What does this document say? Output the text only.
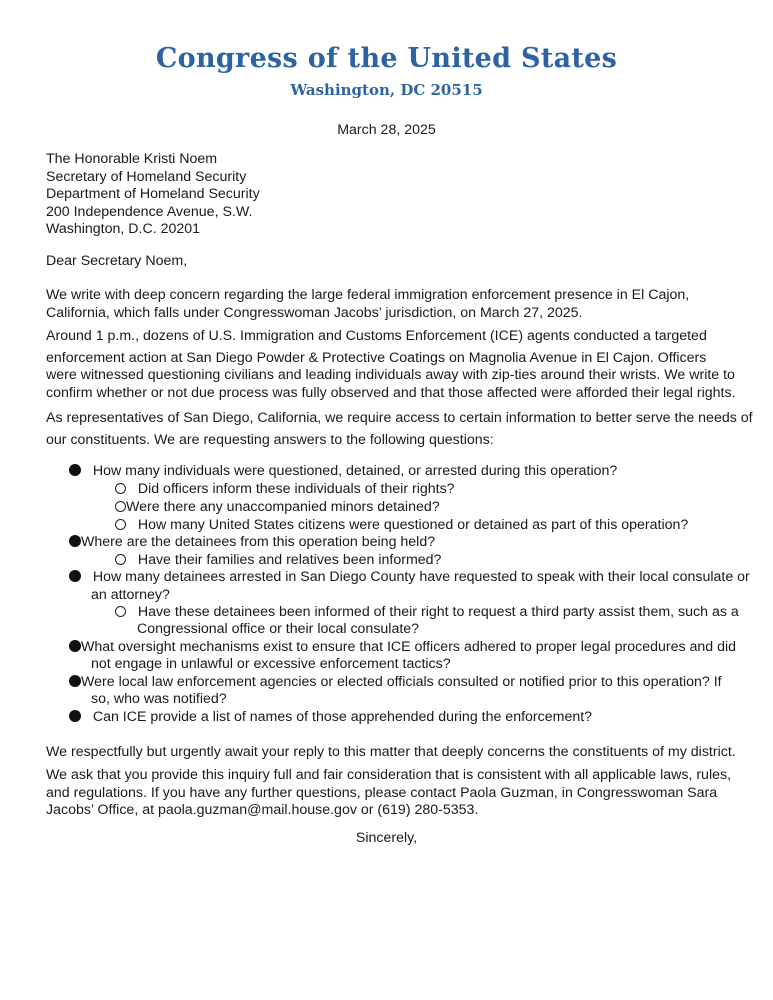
Congress of the United States
Washington, DC 20515
March 28, 2025
The Honorable Kristi Noem
Secretary of Homeland Security
Department of Homeland Security
200 Independence Avenue, S.W.
Washington, D.C. 20201
Dear Secretary Noem,
We write with deep concern regarding the large federal immigration enforcement presence in El Cajon,
California, which falls under Congresswoman Jacobs’ jurisdiction, on March 27, 2025.
Around 1 p.m., dozens of U.S. Immigration and Customs Enforcement (ICE) agents conducted a targeted
enforcement action at San Diego Powder & Protective Coatings on Magnolia Avenue in El Cajon. Officers
were witnessed questioning civilians and leading individuals away with zip-ties around their wrists. We write to
confirm whether or not due process was fully observed and that those affected were afforded their legal rights.
As representatives of San Diego, California, we require access to certain information to better serve the needs of
our constituents. We are requesting answers to the following questions:
How many individuals were questioned, detained, or arrested during this operation?
Did officers inform these individuals of their rights?
Were there any unaccompanied minors detained?
How many United States citizens were questioned or detained as part of this operation?
Where are the detainees from this operation being held?
Have their families and relatives been informed?
How many detainees arrested in San Diego County have requested to speak with their local consulate or
an attorney?
Have these detainees been informed of their right to request a third party assist them, such as a
Congressional office or their local consulate?
What oversight mechanisms exist to ensure that ICE officers adhered to proper legal procedures and did
not engage in unlawful or excessive enforcement tactics?
Were local law enforcement agencies or elected officials consulted or notified prior to this operation? If
so, who was notified?
Can ICE provide a list of names of those apprehended during the enforcement?
We respectfully but urgently await your reply to this matter that deeply concerns the constituents of my district.
We ask that you provide this inquiry full and fair consideration that is consistent with all applicable laws, rules,
and regulations. If you have any further questions, please contact Paola Guzman, in Congresswoman Sara
Jacobs’ Office, at paola.guzman@mail.house.gov or (619) 280-5353.
Sincerely,
